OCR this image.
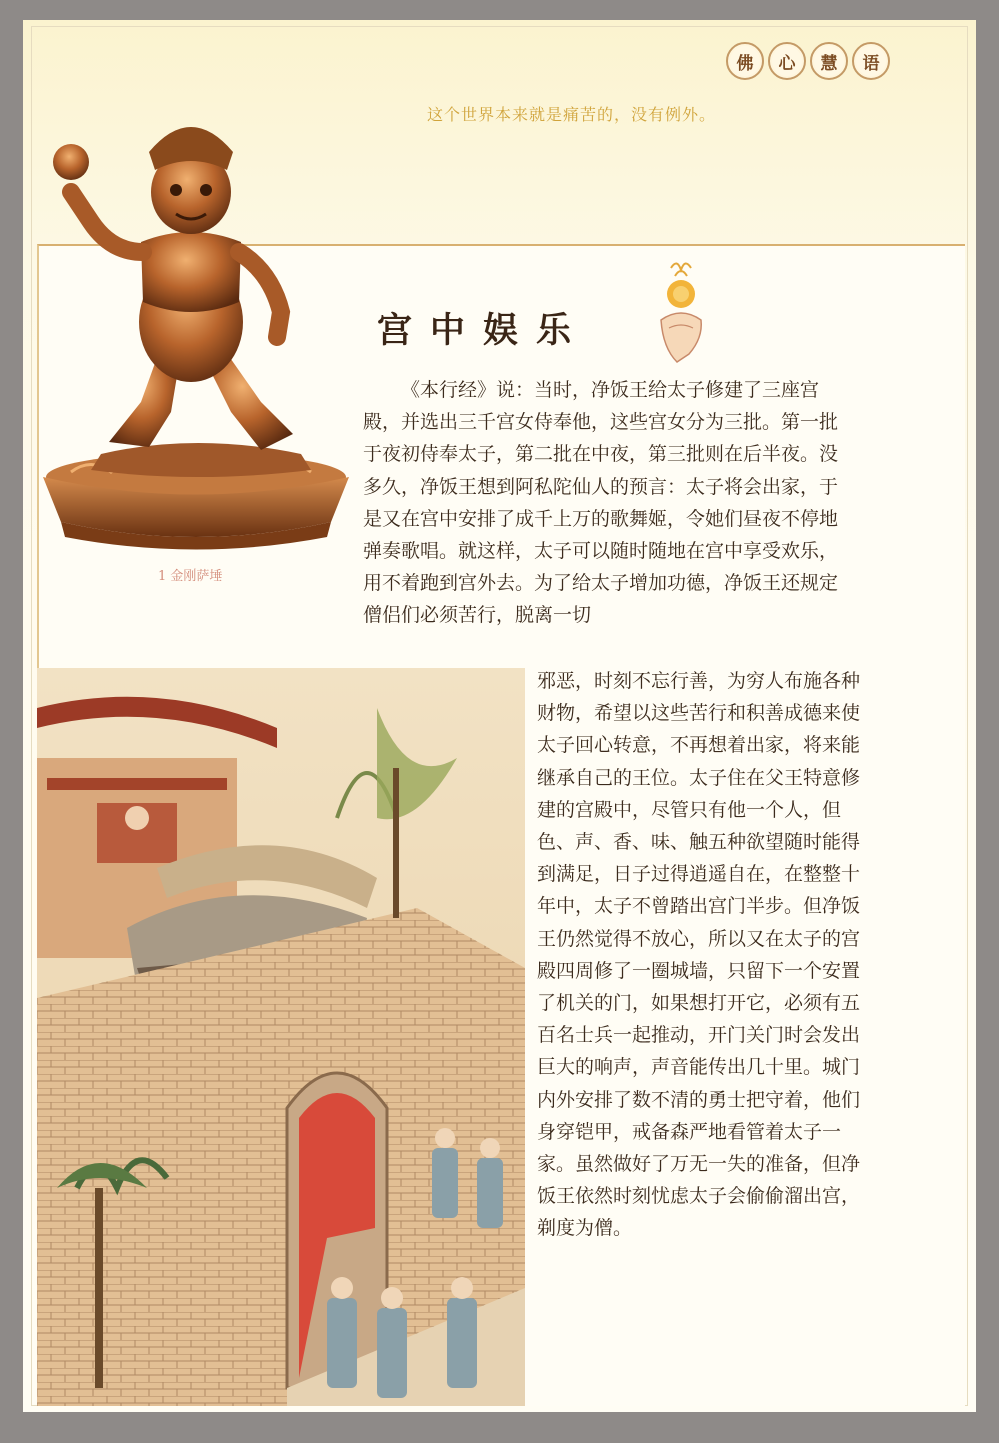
佛	心	慧	语
这个世界本来就是痛苦的，没有例外。
1 金刚萨埵
宫中娱乐

《本行经》说：当时，净饭王给太子修建了三座宫殿，并选出三千宫女侍奉他，这些宫女分为三批。第一批于夜初侍奉太子，第二批在中夜，第三批则在后半夜。没多久，净饭王想到阿私陀仙人的预言：太子将会出家，于是又在宫中安排了成千上万的歌舞姬，令她们昼夜不停地弹奏歌唱。就这样，太子可以随时随地在宫中享受欢乐，用不着跑到宫外去。为了给太子增加功德，净饭王还规定僧侣们必须苦行，脱离一切

邪恶，时刻不忘行善，为穷人布施各种财物，希望以这些苦行和积善成德来使太子回心转意，不再想着出家，将来能继承自己的王位。太子住在父王特意修建的宫殿中，尽管只有他一个人，但色、声、香、味、触五种欲望随时能得到满足，日子过得逍遥自在，在整整十年中，太子不曾踏出宫门半步。但净饭王仍然觉得不放心，所以又在太子的宫殿四周修了一圈城墙，只留下一个安置了机关的门，如果想打开它，必须有五百名士兵一起推动，开门关门时会发出巨大的响声，声音能传出几十里。城门内外安排了数不清的勇士把守着，他们身穿铠甲，戒备森严地看管着太子一家。虽然做好了万无一失的准备，但净饭王依然时刻忧虑太子会偷偷溜出宫，剃度为僧。
